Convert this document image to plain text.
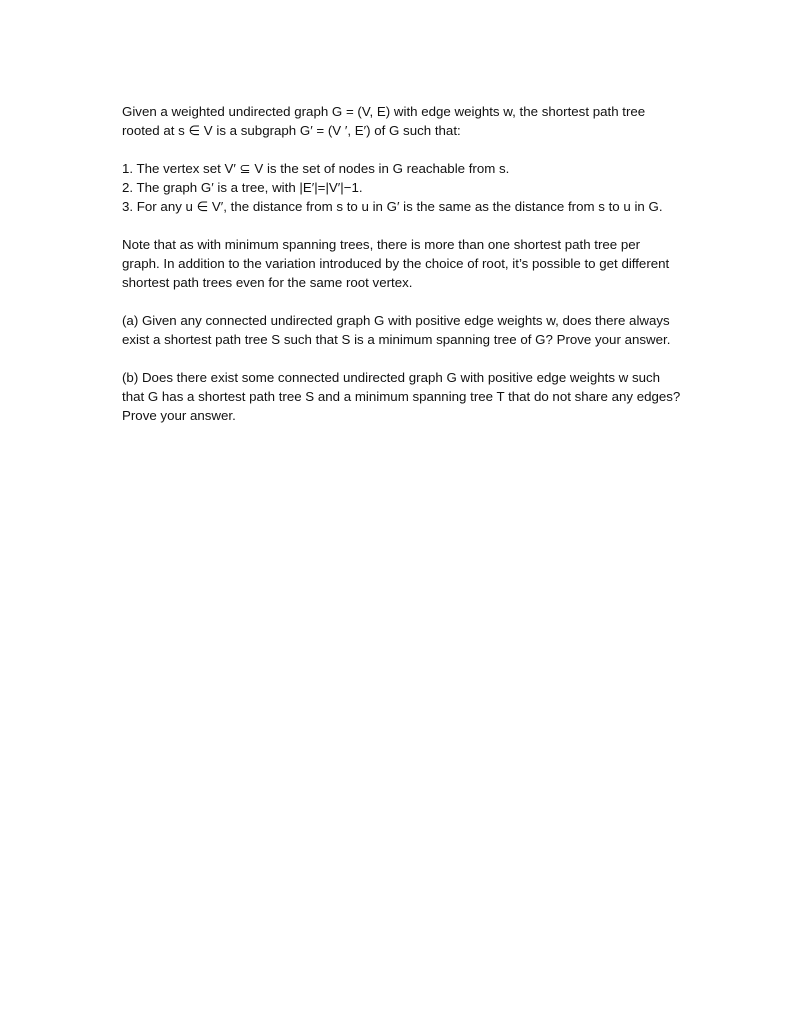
Given a weighted undirected graph G = (V, E) with edge weights w, the shortest path tree
rooted at s ∈ V is a subgraph G′ = (V ′, E′) of G such that:

1. The vertex set V′ ⊆ V is the set of nodes in G reachable from s.
2. The graph G′ is a tree, with |E′|=|V′|−1.
3. For any u ∈ V′, the distance from s to u in G′ is the same as the distance from s to u in G.

Note that as with minimum spanning trees, there is more than one shortest path tree per
graph. In addition to the variation introduced by the choice of root, it’s possible to get different
shortest path trees even for the same root vertex.

(a) Given any connected undirected graph G with positive edge weights w, does there always
exist a shortest path tree S such that S is a minimum spanning tree of G? Prove your answer.

(b) Does there exist some connected undirected graph G with positive edge weights w such
that G has a shortest path tree S and a minimum spanning tree T that do not share any edges?
Prove your answer.
